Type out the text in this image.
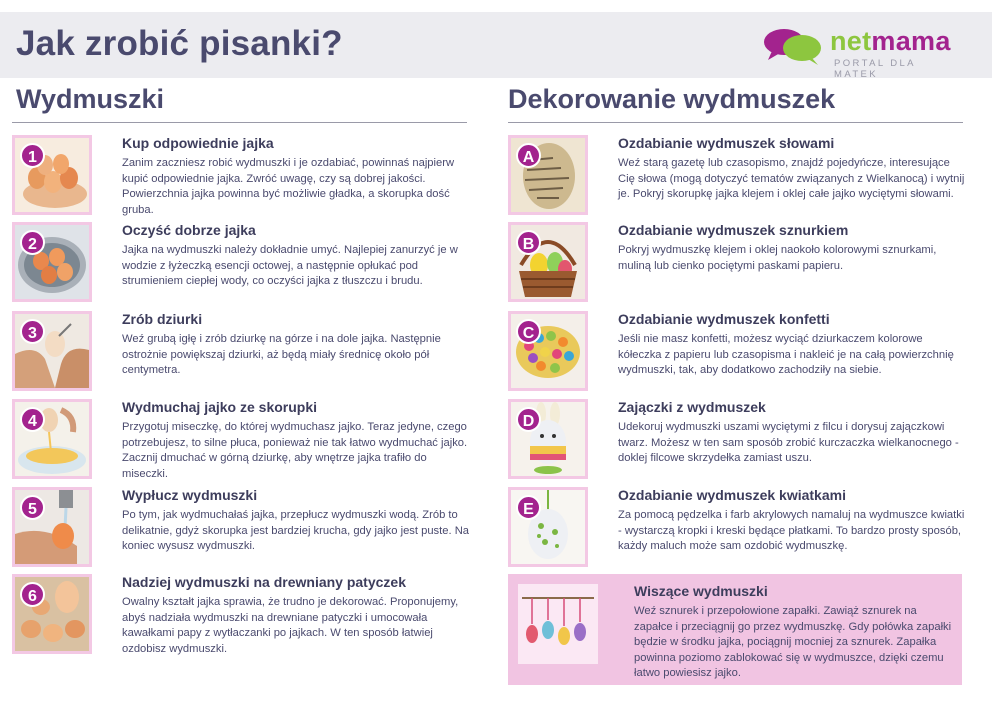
Jak zrobić pisanki?	netmama
PORTAL DLA MATEK
Wydmuszki
1
Kup odpowiednie jajka
Zanim zaczniesz robić wydmuszki i je ozdabiać, powinnaś najpierw kupić odpowiednie jajka. Zwróć uwagę, czy są dobrej jakości. Powierzchnia jajka powinna być możliwie gładka, a skorupka dość gruba.
2
Oczyść dobrze jajka
Jajka na wydmuszki należy dokładnie umyć. Najlepiej zanurzyć je w wodzie z łyżeczką esencji octowej, a następnie opłukać pod strumieniem ciepłej wody, co oczyści jajka z tłuszczu i brudu.
3
Zrób dziurki
Weź grubą igłę i zrób dziurkę na górze i na dole jajka. Następnie ostrożnie powiększaj dziurki, aż będą miały średnicę około pół centymetra.
4
Wydmuchaj jajko ze skorupki
Przygotuj miseczkę, do której wydmuchasz jajko. Teraz jedyne, czego potrzebujesz, to silne płuca, ponieważ nie tak łatwo wydmuchać jajko. Zacznij dmuchać w górną dziurkę, aby wnętrze jajka trafiło do miseczki.
5
Wypłucz wydmuszki
Po tym, jak wydmuchałaś jajka, przepłucz wydmuszki wodą. Zrób to delikatnie, gdyż skorupka jest bardziej krucha, gdy jajko jest puste. Na koniec wysusz wydmuszki.
6
Nadziej wydmuszki na drewniany patyczek
Owalny kształt jajka sprawia, że trudno je dekorować. Proponujemy, abyś nadziała wydmuszki na drewniane patyczki i umocowała kawałkami papy z wytłaczanki po jajkach. W ten sposób łatwiej ozdobisz wydmuszki.
Dekorowanie wydmuszek
A
Ozdabianie wydmuszek słowami
Weź starą gazetę lub czasopismo, znajdź pojedyńcze, interesujące Cię słowa (mogą dotyczyć tematów związanych z Wielkanocą) i wytnij je. Pokryj skorupkę jajka klejem i oklej całe jajko wyciętymi słowami.
B
Ozdabianie wydmuszek sznurkiem
Pokryj wydmuszkę klejem i oklej naokoło kolorowymi sznurkami, muliną lub cienko pociętymi paskami papieru.
C
Ozdabianie wydmuszek konfetti
Jeśli nie masz konfetti, możesz wyciąć dziurkaczem kolorowe kółeczka z papieru lub czasopisma i nakleić je na całą powierzchnię wydmuszki, tak, aby dodatkowo zachodziły na siebie.
D
Zajączki z wydmuszek
Udekoruj wydmuszki uszami wyciętymi z filcu i dorysuj zajączkowi twarz. Możesz w ten sam sposób zrobić kurczaczka wielkanocnego - doklej filcowe skrzydełka zamiast uszu.
E
Ozdabianie wydmuszek kwiatkami
Za pomocą pędzelka i farb akrylowych namaluj na wydmuszce kwiatki - wystarczą kropki i kreski będące płatkami. To bardzo prosty sposób, każdy maluch może sam ozdobić wydmuszkę.
Wiszące wydmuszki
Weź sznurek i przepołowione zapałki. Zawiąż sznurek na zapałce i przeciągnij go przez wydmuszkę. Gdy połówka zapałki będzie w środku jajka, pociągnij mocniej za sznurek. Zapałka powinna poziomo zablokować się w wydmuszce, dzięki czemu łatwo powiesisz jajko.
